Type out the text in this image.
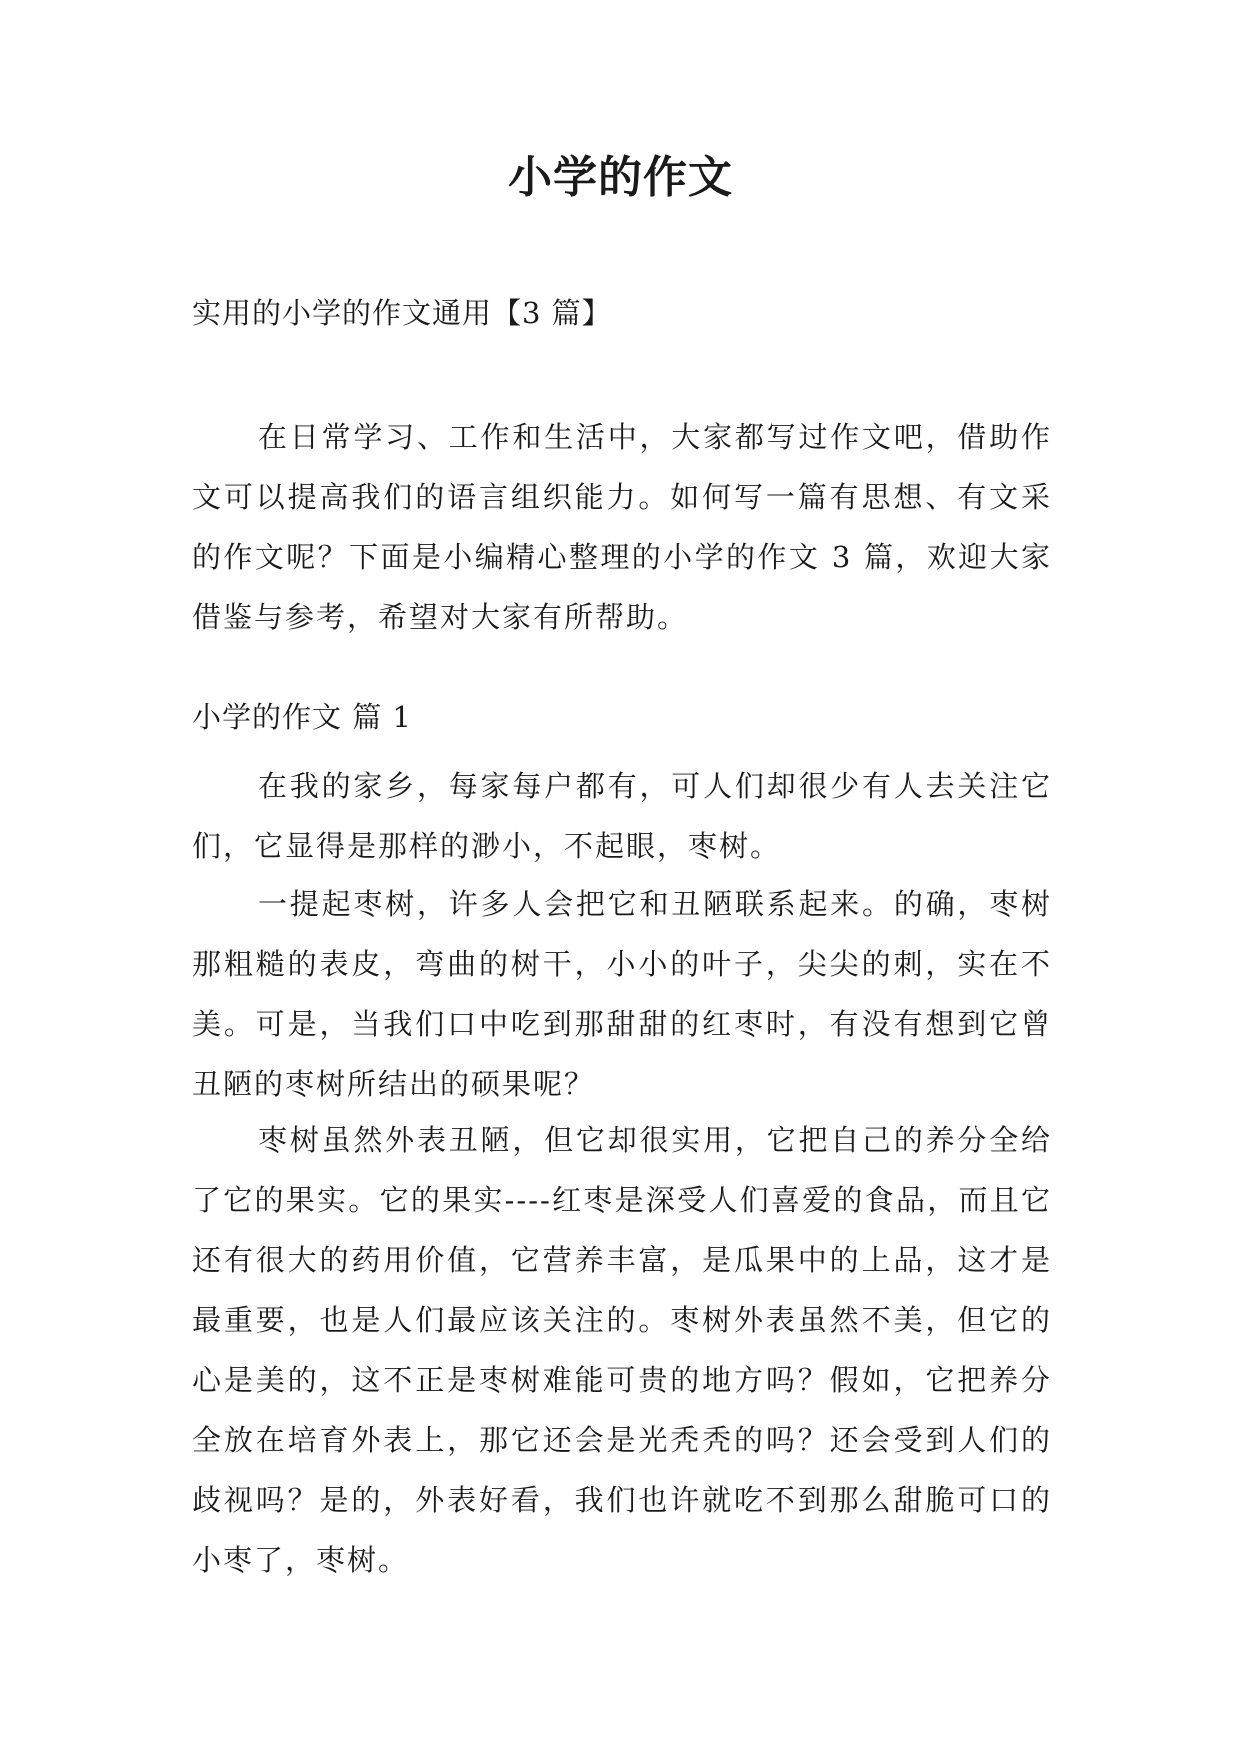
小学的作文
实用的小学的作文通用【3 篇】

在日常学习、工作和生活中，大家都写过作文吧，借助作文可以提高我们的语言组织能力。如何写一篇有思想、有文采的作文呢？下面是小编精心整理的小学的作文 3 篇，欢迎大家借鉴与参考，希望对大家有所帮助。

小学的作文 篇 1

在我的家乡，每家每户都有，可人们却很少有人去关注它们，它显得是那样的渺小，不起眼，枣树。

一提起枣树，许多人会把它和丑陋联系起来。的确，枣树那粗糙的表皮，弯曲的树干，小小的叶子，尖尖的刺，实在不美。可是，当我们口中吃到那甜甜的红枣时，有没有想到它曾丑陋的枣树所结出的硕果呢？

枣树虽然外表丑陋，但它却很实用，它把自己的养分全给了它的果实。它的果实----红枣是深受人们喜爱的食品，而且它还有很大的药用价值，它营养丰富，是瓜果中的上品，这才是最重要，也是人们最应该关注的。枣树外表虽然不美，但它的心是美的，这不正是枣树难能可贵的地方吗？假如，它把养分全放在培育外表上，那它还会是光秃秃的吗？还会受到人们的歧视吗？是的，外表好看，我们也许就吃不到那么甜脆可口的小枣了，枣树。
